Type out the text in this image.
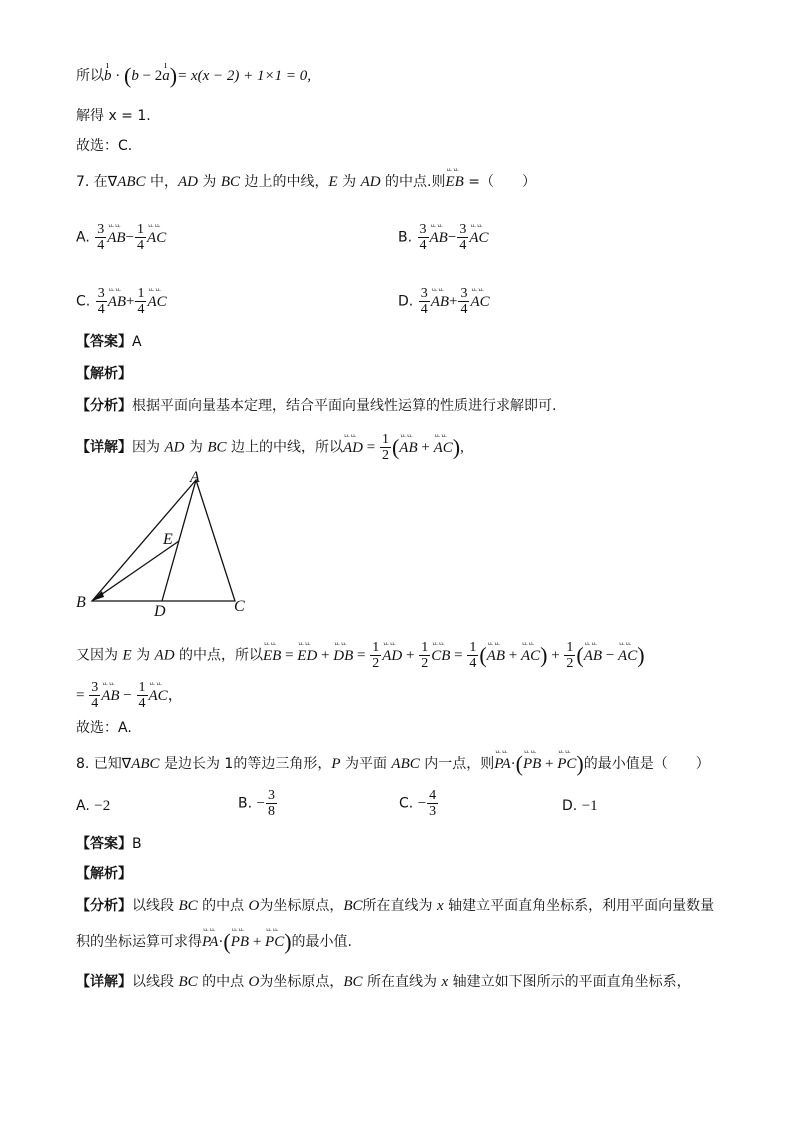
所以ı b · (b − 2ı a)= x(x − 2) + 1×1 = 0,
解得 x = 1.
故选：C.
7. 在∇ABC 中，AD 为 BC 边上的中线，E 为 AD 的中点.则ᄔᄔ EB =（　　）
A. $\frac{3}{4}$ ᄔᄔ $AB- \frac{1}{4}$ ᄔᄔ AC	B. $\frac{3}{4}$ ᄔᄔ $AB- \frac{3}{4}$ ᄔᄔ AC
C. $\frac{3}{4}$ ᄔᄔ $AB+ \frac{1}{4}$ ᄔᄔ AC	D. $\frac{3}{4}$ ᄔᄔ $AB+ \frac{3}{4}$ ᄔᄔ AC
【答案】A
【解析】
【分析】根据平面向量基本定理，结合平面向量线性运算的性质进行求解即可.
【详解】因为 AD 为 BC 边上的中线，所以ᄔᄔ AD = $\frac{1}{2}$ (ᄔᄔ AB + ᄔᄔ AC),
A
B	C
D
E
又因为 E 为 AD 的中点，所以ᄔᄔ EB = ᄔᄔ ED + ᄔᄔ DB = $\frac{1}{2}$ ᄔᄔ AD + $\frac{1}{2}$ ᄔᄔ CB = $\frac{1}{4}$ (ᄔᄔ AB + ᄔᄔ $AC) + \frac{1}{2}$ (ᄔᄔ AB − ᄔᄔ AC)
= $\frac{3}{4}$ ᄔᄔ AB − $\frac{1}{4}$ ᄔᄔ AC，
故选：A.
8. 已知∇ABC 是边长为 1的等边三角形，P 为平面 ABC 内一点，则ᄔᄔ PA·(ᄔᄔ PB + ᄔᄔ PC)的最小值是（　　）
A. −2	B. − $\frac{3}{8}$	C. − $\frac{4}{3}$	D. −1
【答案】B
【解析】
【分析】以线段 BC 的中点 O为坐标原点，BC所在直线为 x 轴建立平面直角坐标系，利用平面向量数量
积的坐标运算可求得ᄔᄔ PA·(ᄔᄔ PB + ᄔᄔ PC)的最小值.
【详解】以线段 BC 的中点 O为坐标原点，BC 所在直线为 x 轴建立如下图所示的平面直角坐标系，
